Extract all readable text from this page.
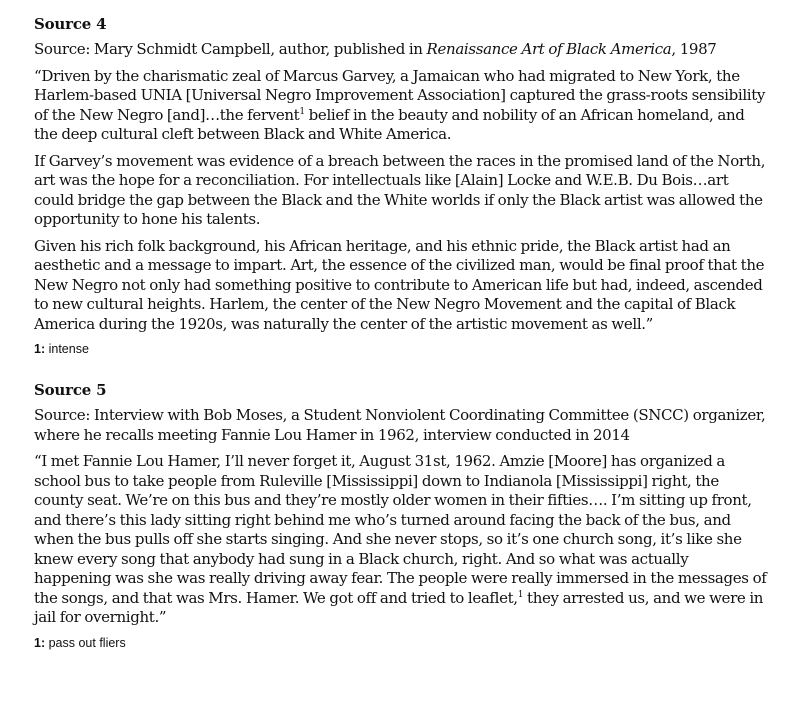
Source 4

Source: Mary Schmidt Campbell, author, published in Renaissance Art of Black America, 1987

“Driven by the charismatic zeal of Marcus Garvey, a Jamaican who had migrated to New York, the Harlem-based UNIA [Universal Negro Improvement Association] captured the grass-roots sensibility of the New Negro [and]…the fervent$^1$ belief in the beauty and nobility of an African homeland, and the deep cultural cleft between Black and White America.

If Garvey’s movement was evidence of a breach between the races in the promised land of the North, art was the hope for a reconciliation. For intellectuals like [Alain] Locke and W.E.B. Du Bois…art could bridge the gap between the Black and the White worlds if only the Black artist was allowed the opportunity to hone his talents.

Given his rich folk background, his African heritage, and his ethnic pride, the Black artist had an aesthetic and a message to impart. Art, the essence of the civilized man, would be final proof that the New Negro not only had something positive to contribute to American life but had, indeed, ascended to new cultural heights. Harlem, the center of the New Negro Movement and the capital of Black America during the 1920s, was naturally the center of the artistic movement as well.”

1: intense

Source 5

Source: Interview with Bob Moses, a Student Nonviolent Coordinating Committee (SNCC) organizer, where he recalls meeting Fannie Lou Hamer in 1962, interview conducted in 2014

“I met Fannie Lou Hamer, I’ll never forget it, August 31st, 1962. Amzie [Moore] has organized a school bus to take people from Ruleville [Mississippi] down to Indianola [Mississippi] right, the county seat. We’re on this bus and they’re mostly older women in their fifties…. I’m sitting up front, and there’s this lady sitting right behind me who’s turned around facing the back of the bus, and when the bus pulls off she starts singing. And she never stops, so it’s one church song, it’s like she knew every song that anybody had sung in a Black church, right. And so what was actually happening was she was really driving away fear. The people were really immersed in the messages of the songs, and that was Mrs. Hamer. We got off and tried to leaflet,$^1$ they arrested us, and we were in jail for overnight.”

1: pass out fliers
